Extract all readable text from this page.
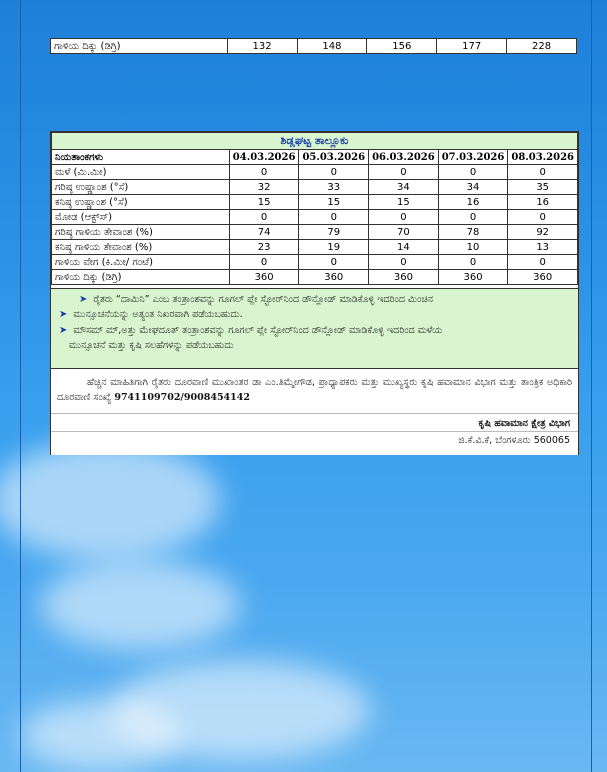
ಗಾಳಿಯ ದಿಕ್ಕು (ಡಿಗ್ರಿ)	132	148	156	177	228
ಶಿಡ್ಲಘಟ್ಟ ತಾಲ್ಲೂಕು					
ನಿಯತಾಂಕಗಳು	04.03.2026	05.03.2026	06.03.2026	07.03.2026	08.03.2026
ಮಳೆ (ಮಿ.ಮೀ)	0	0	0	0	0
ಗರಿಷ್ಠ ಉಷ್ಣಾಂಶ (°ಸೆ)	32	33	34	34	35
ಕನಿಷ್ಠ ಉಷ್ಣಾಂಶ (°ಸೆ)	15	15	15	16	16
ಮೋಡ (ಆಕ್ಟ್‌ಸ್)	0	0	0	0	0
ಗರಿಷ್ಠ ಗಾಳಿಯ ತೇವಾಂಶ (%)	74	79	70	78	92
ಕನಿಷ್ಠ ಗಾಳಿಯ ತೇವಾಂಶ (%)	23	19	14	10	13
ಗಾಳಿಯ ವೇಗ (ಕಿ.ಮೀ/ ಗಂಟೆ)	0	0	0	0	0
ಗಾಳಿಯ ದಿಕ್ಕು (ಡಿಗ್ರಿ)	360	360	360	360	360
➤ ರೈತರು “ದಾಮಿನಿ” ಎಂಬ ತಂತ್ರಾಂಶವನ್ನು ಗೂಗಲ್ ಪ್ಲೇ ಸ್ಟೋರ್‌ನಿಂದ ಡೌನ್ಲೋಡ್ ಮಾಡಿಕೊಳ್ಳಿ ಇದರಿಂದ ಮಿಂಚಿನ
➤ ಮುನ್ಸೂಚನೆಯನ್ನು ಅತ್ಯಂತ ನಿಖರವಾಗಿ ಪಡೆಯಬಹುದು.
➤ ಮೌಸಮ್ ಮ್,ಅತ್ತು ಮೇಘದೂತ್ ತಂತ್ರಾಂಶವನ್ನು ಗೂಗಲ್ ಪ್ಲೇ ಸ್ಟೋರ್‌ನಿಂದ ಡೌನ್ಲೋಡ್ ಮಾಡಿಕೊಳ್ಳಿ ಇದರಿಂದ ಮಳೆಯ
ಮುನ್ಸೂಚನೆ ಮತ್ತು ಕೃಷಿ ಸಲಹೆಗಳನ್ನು ಪಡೆಯಬಹುದು
ಹೆಚ್ಚಿನ ಮಾಹಿತಿಗಾಗಿ ರೈತರು ದೂರವಾಣಿ ಮುಖಾಂತರ ಡಾ ಎಂ.ತಿಮ್ಮೇಗೌಡ, ಪ್ರಾಧ್ಯಾಪಕರು ಮತ್ತು ಮುಖ್ಯಸ್ಥರು ಕೃಷಿ ಹವಾಮಾನ ವಿಭಾಗ ಮತ್ತು ತಾಂತ್ರಿಕ ಅಧಿಕಾರಿ ದೂರವಾಣಿ ಸಂಖ್ಯೆ 9741109702/9008454142
ಕೃಷಿ ಹವಾಮಾನ ಕ್ಷೇತ್ರ ವಿಭಾಗ
ಜಿ.ಕೆ.ವಿ.ಕೆ, ಬೆಂಗಳೂರು 560065
